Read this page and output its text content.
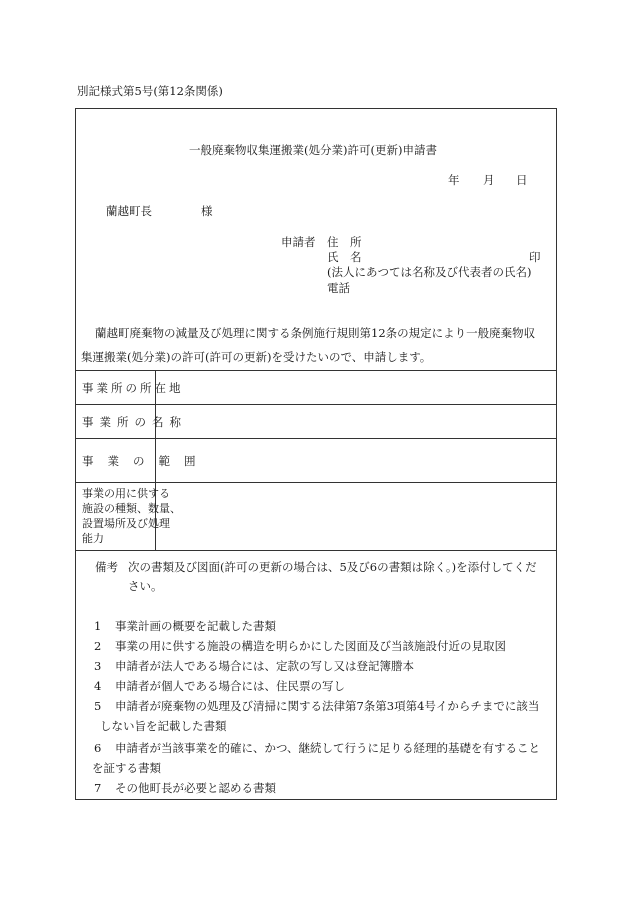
別記様式第5号(第12条関係)
一般廃棄物収集運搬業(処分業)許可(更新)申請書
年 月 日
蘭越町長	様
申請者 住　所
氏　名	印
(法人にあつては名称及び代表者の氏名)
電話
蘭越町廃棄物の減量及び処理に関する条例施行規則第12条の規定により一般廃棄物収
集運搬業(処分業)の許可(許可の更新)を受けたいので、申請します。
事業所の所在地
事業所の名称
事業の範囲
事業の用に供する
施設の種類、数量、
設置場所及び処理
能力
備考 次の書類及び図面(許可の更新の場合は、5及び6の書類は除く。)を添付してくだ
さい。
1 事業計画の概要を記載した書類
2 事業の用に供する施設の構造を明らかにした図面及び当該施設付近の見取図
3 申請者が法人である場合には、定款の写し又は登記簿謄本
4 申請者が個人である場合には、住民票の写し
5 申請者が廃棄物の処理及び清掃に関する法律第7条第3項第4号イからチまでに該当
しない旨を記載した書類
6 申請者が当該事業を的確に、かつ、継続して行うに足りる経理的基礎を有すること
を証する書類
7 その他町長が必要と認める書類
